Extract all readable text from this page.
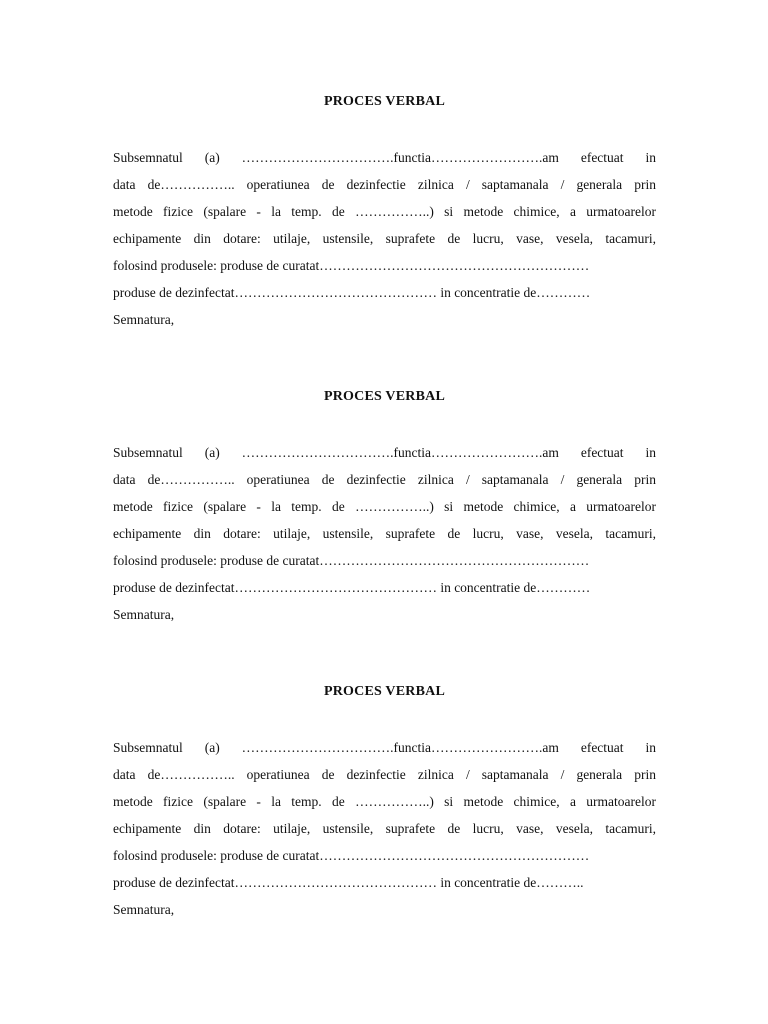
PROCES VERBAL
Subsemnatul (a) …………………………….functia…………………….am efectuat in
data de…………….. operatiunea de dezinfectie zilnica / saptamanala / generala prin
metode fizice (spalare - la temp. de ……………..) si metode chimice, a urmatoarelor
echipamente din dotare: utilaje, ustensile, suprafete de lucru, vase, vesela, tacamuri,
folosind produsele: produse de curatat……………………………………………………
produse de dezinfectat……………………………………… in concentratie de…………
Semnatura,
PROCES VERBAL
Subsemnatul (a) …………………………….functia…………………….am efectuat in
data de…………….. operatiunea de dezinfectie zilnica / saptamanala / generala prin
metode fizice (spalare - la temp. de ……………..) si metode chimice, a urmatoarelor
echipamente din dotare: utilaje, ustensile, suprafete de lucru, vase, vesela, tacamuri,
folosind produsele: produse de curatat……………………………………………………
produse de dezinfectat……………………………………… in concentratie de…………
Semnatura,
PROCES VERBAL
Subsemnatul (a) …………………………….functia…………………….am efectuat in
data de…………….. operatiunea de dezinfectie zilnica / saptamanala / generala prin
metode fizice (spalare - la temp. de ……………..) si metode chimice, a urmatoarelor
echipamente din dotare: utilaje, ustensile, suprafete de lucru, vase, vesela, tacamuri,
folosind produsele: produse de curatat……………………………………………………
produse de dezinfectat……………………………………… in concentratie de………..
Semnatura,
